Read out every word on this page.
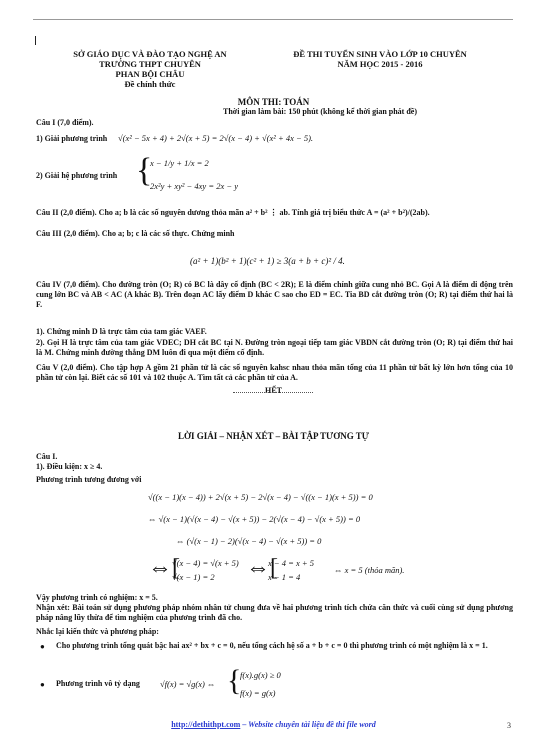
SỞ GIÁO DỤC VÀ ĐÀO TẠO NGHỆ AN
TRƯỜNG THPT CHUYÊN
PHAN BỘI CHÂU
Đề chính thức
ĐỀ THI TUYỂN SINH VÀO LỚP 10 CHUYÊN
NĂM HỌC 2015 - 2016
MÔN THI: TOÁN
Thời gian làm bài: 150 phút (không kể thời gian phát đề)
Câu I (7,0 điểm).
1) Giải phương trình √(x² − 5x + 4) + 2√(x + 5) = 2√(x − 4) + √(x² + 4x − 5).
2) Giải hệ phương trình {
x − 1/y + 1/x = 2
2x²y + xy² − 4xy = 2x − y
Câu II (2,0 điểm). Cho a; b là các số nguyên dương thỏa mãn a² + b² ⋮ ab. Tính giá trị biểu thức A = (a² + b²)/(2ab).
Câu III (2,0 điểm). Cho a; b; c là các số thực. Chứng minh
(a² + 1)(b² + 1)(c² + 1) ≥ 3(a + b + c)² / 4.
Câu IV (7,0 điểm). Cho đường tròn (O; R) có BC là dây cố định (BC < 2R); E là điểm chính giữa cung nhỏ BC. Gọi A là điểm di động trên cung lớn BC và AB < AC (A khác B). Trên đoạn AC lấy điểm D khác C sao cho ED = EC. Tia BD cắt đường tròn (O; R) tại điểm thứ hai là F.
1). Chứng minh D là trực tâm của tam giác VAEF.
2). Gọi H là trực tâm của tam giác VDEC; DH cắt BC tại N. Đường tròn ngoại tiếp tam giác VBDN cắt đường tròn (O; R) tại điểm thứ hai là M. Chứng minh đường thẳng DM luôn đi qua một điểm cố định.
Câu V (2,0 điểm). Cho tập hợp A gồm 21 phần tử là các số nguyên kahsc nhau thỏa mãn tổng của 11 phần tử bất kỳ lớn hơn tổng của 10 phần tử còn lại. Biết các số 101 và 102 thuộc A. Tìm tất cả các phần tử của A.
HẾT
LỜI GIẢI – NHẬN XÉT – BÀI TẬP TƯƠNG TỰ
Câu I.
1). Điều kiện: x ≥ 4.
Phương trình tương đương với
√((x − 1)(x − 4)) + 2√(x + 5) − 2√(x − 4) − √((x − 1)(x + 5)) = 0
⇔ √(x − 1)(√(x − 4) − √(x + 5)) − 2(√(x − 4) − √(x + 5)) = 0
⇔ (√(x − 1) − 2)(√(x − 4) − √(x + 5)) = 0
⇔[
√(x − 4) = √(x + 5)
√(x − 1) = 2 ⇔[
x − 4 = x + 5
x − 1 = 4
⇔ x = 5 (thỏa mãn).
Vậy phương trình có nghiệm: x = 5.
Nhận xét: Bài toán sử dụng phương pháp nhóm nhân tử chung đưa về hai phương trình tích chứa căn thức và cuối cùng sử dụng phương pháp nâng lũy thừa để tìm nghiệm của phương trình đã cho.
Nhắc lại kiến thức và phương pháp:
● Cho phương trình tổng quát bậc hai ax² + bx + c = 0, nếu tổng cách hệ số a + b + c = 0 thì phương trình có một nghiệm là x = 1.
● Phương trình vô tỷ dạng √f(x) = √g(x) ⇔ {
f(x).g(x) ≥ 0
f(x) = g(x)
http://dethithpt.com – Website chuyên tài liệu đề thi file word	3
